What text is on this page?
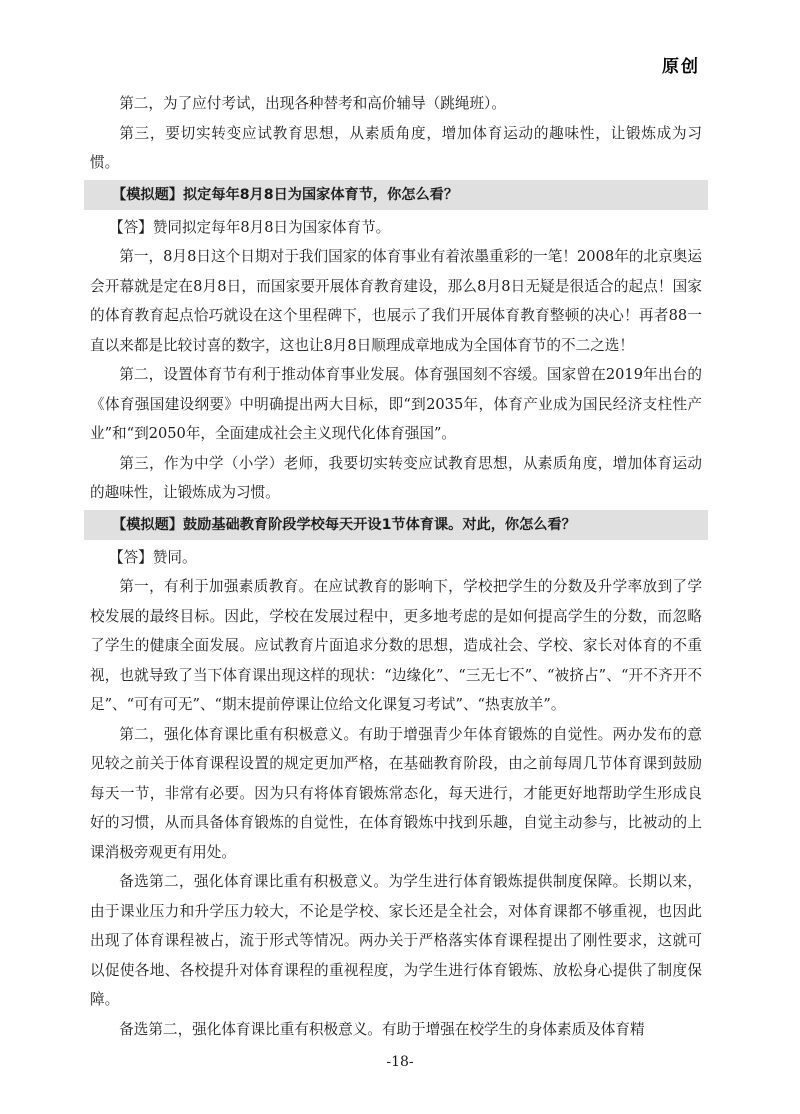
原创

第二，为了应付考试，出现各种替考和高价辅导（跳绳班）。

第三，要切实转变应试教育思想，从素质角度，增加体育运动的趣味性，让锻炼成为习惯。

【模拟题】拟定每年8月8日为国家体育节，你怎么看？

【答】赞同拟定每年8月8日为国家体育节。

第一，8月8日这个日期对于我们国家的体育事业有着浓墨重彩的一笔！2008年的北京奥运会开幕就是定在8月8日，而国家要开展体育教育建设，那么8月8日无疑是很适合的起点！国家的体育教育起点恰巧就设在这个里程碑下，也展示了我们开展体育教育整顿的决心！再者88一直以来都是比较讨喜的数字，这也让8月8日顺理成章地成为全国体育节的不二之选！

第二，设置体育节有利于推动体育事业发展。体育强国刻不容缓。国家曾在2019年出台的《体育强国建设纲要》中明确提出两大目标，即“到2035年，体育产业成为国民经济支柱性产业”和“到2050年，全面建成社会主义现代化体育强国”。

第三，作为中学（小学）老师，我要切实转变应试教育思想，从素质角度，增加体育运动的趣味性，让锻炼成为习惯。

【模拟题】鼓励基础教育阶段学校每天开设1节体育课。对此，你怎么看？

【答】赞同。

第一，有利于加强素质教育。在应试教育的影响下，学校把学生的分数及升学率放到了学校发展的最终目标。因此，学校在发展过程中，更多地考虑的是如何提高学生的分数，而忽略了学生的健康全面发展。应试教育片面追求分数的思想，造成社会、学校、家长对体育的不重视，也就导致了当下体育课出现这样的现状：“边缘化”、“三无七不”、“被挤占”、“开不齐开不足”、“可有可无”、“期末提前停课让位给文化课复习考试”、“热衷放羊”。

第二，强化体育课比重有积极意义。有助于增强青少年体育锻炼的自觉性。两办发布的意见较之前关于体育课程设置的规定更加严格，在基础教育阶段，由之前每周几节体育课到鼓励每天一节，非常有必要。因为只有将体育锻炼常态化，每天进行，才能更好地帮助学生形成良好的习惯，从而具备体育锻炼的自觉性，在体育锻炼中找到乐趣，自觉主动参与，比被动的上课消极旁观更有用处。

备选第二，强化体育课比重有积极意义。为学生进行体育锻炼提供制度保障。长期以来，由于课业压力和升学压力较大，不论是学校、家长还是全社会，对体育课都不够重视，也因此出现了体育课程被占，流于形式等情况。两办关于严格落实体育课程提出了刚性要求，这就可以促使各地、各校提升对体育课程的重视程度，为学生进行体育锻炼、放松身心提供了制度保障。

备选第二，强化体育课比重有积极意义。有助于增强在校学生的身体素质及体育精

-18-
